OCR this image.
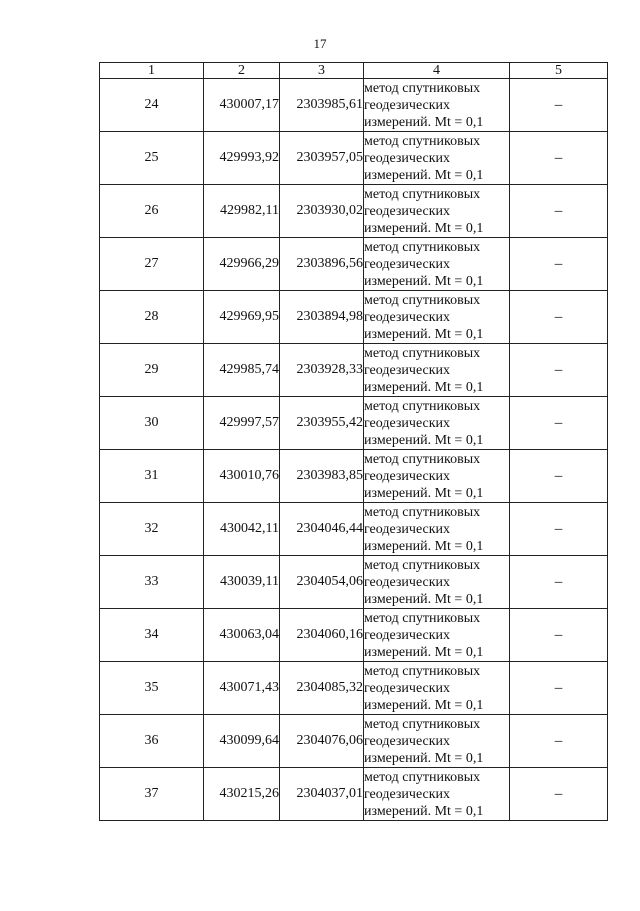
17
1	2	3	4	5
24	430007,17	2303985,61	метод спутниковых
геодезических
измерений. Mt = 0,1	–
25	429993,92	2303957,05	метод спутниковых
геодезических
измерений. Mt = 0,1	–
26	429982,11	2303930,02	метод спутниковых
геодезических
измерений. Mt = 0,1	–
27	429966,29	2303896,56	метод спутниковых
геодезических
измерений. Mt = 0,1	–
28	429969,95	2303894,98	метод спутниковых
геодезических
измерений. Mt = 0,1	–
29	429985,74	2303928,33	метод спутниковых
геодезических
измерений. Mt = 0,1	–
30	429997,57	2303955,42	метод спутниковых
геодезических
измерений. Mt = 0,1	–
31	430010,76	2303983,85	метод спутниковых
геодезических
измерений. Mt = 0,1	–
32	430042,11	2304046,44	метод спутниковых
геодезических
измерений. Mt = 0,1	–
33	430039,11	2304054,06	метод спутниковых
геодезических
измерений. Mt = 0,1	–
34	430063,04	2304060,16	метод спутниковых
геодезических
измерений. Mt = 0,1	–
35	430071,43	2304085,32	метод спутниковых
геодезических
измерений. Mt = 0,1	–
36	430099,64	2304076,06	метод спутниковых
геодезических
измерений. Mt = 0,1	–
37	430215,26	2304037,01	метод спутниковых
геодезических
измерений. Mt = 0,1	–
